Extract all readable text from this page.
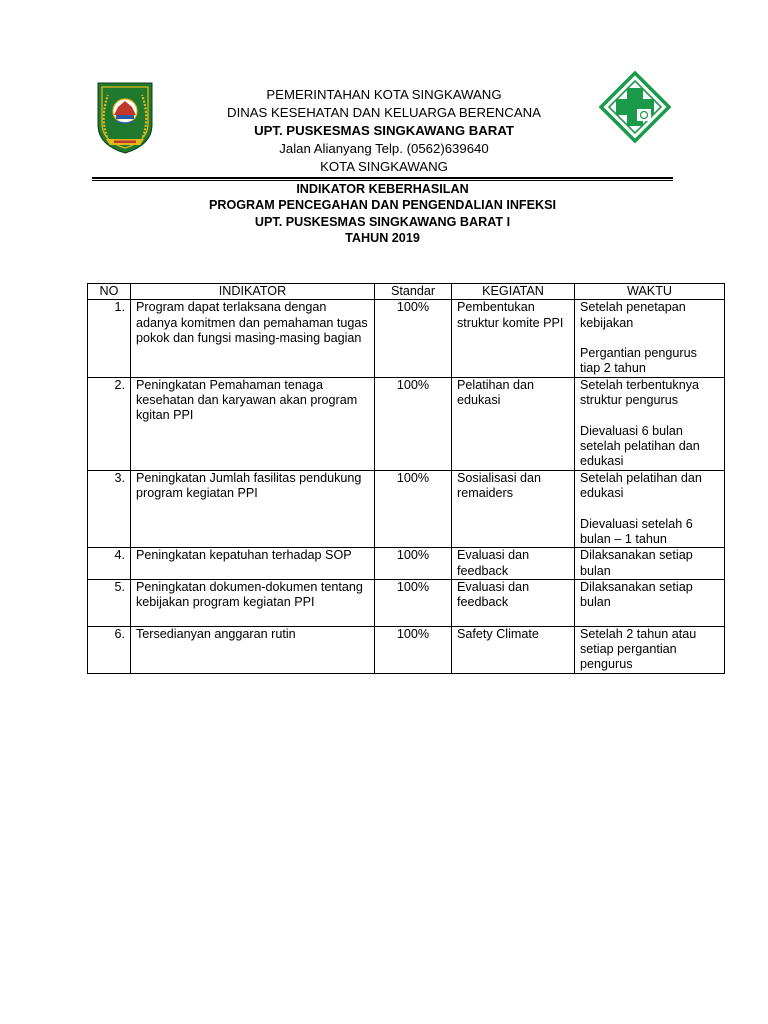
PEMERINTAHAN KOTA SINGKAWANG
DINAS KESEHATAN DAN KELUARGA BERENCANA
UPT. PUSKESMAS SINGKAWANG BARAT
Jalan Alianyang Telp. (0562)639640
KOTA SINGKAWANG
INDIKATOR KEBERHASILAN
PROGRAM PENCEGAHAN DAN PENGENDALIAN INFEKSI
UPT. PUSKESMAS SINGKAWANG BARAT I
TAHUN 2019
NO	INDIKATOR	Standar	KEGIATAN	WAKTU
1.	Program dapat terlaksana dengan adanya komitmen dan pemahaman tugas pokok dan fungsi masing-masing bagian	100%	Pembentukan struktur komite PPI	Setelah penetapan kebijakan
Pergantian pengurus tiap 2 tahun

2.	Peningkatan Pemahaman tenaga kesehatan dan karyawan akan program kgitan PPI	100%	Pelatihan dan edukasi	Setelah terbentuknya struktur pengurus
Dievaluasi 6 bulan setelah pelatihan dan edukasi

3.	Peningkatan Jumlah fasilitas pendukung program kegiatan PPI	100%	Sosialisasi dan remaiders	Setelah pelatihan dan edukasi
Dievaluasi setelah 6 bulan – 1 tahun

4.	Peningkatan kepatuhan terhadap SOP	100%	Evaluasi dan feedback	Dilaksanakan setiap bulan

5.	Peningkatan dokumen-dokumen tentang kebijakan program kegiatan PPI	100%	Evaluasi dan feedback	Dilaksanakan setiap bulan

6.	Tersedianyan anggaran rutin	100%	Safety Climate	Setelah 2 tahun atau setiap pergantian pengurus
